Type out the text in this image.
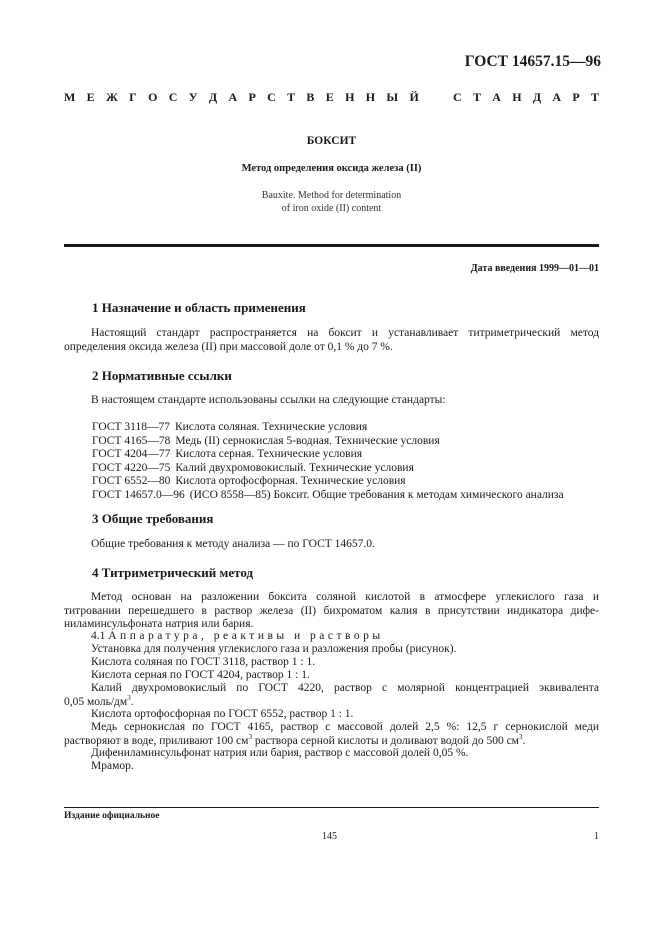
ГОСТ 14657.15—96
М Е Ж Г О С У Д А Р С Т В Е Н Н Ы Й	С Т А Н Д А Р Т
БОКСИТ
Метод определения оксида железа (II)
Bauxite. Method for determination
of iron oxide (II) content
Дата введения 1999—01—01
1 Назначение и область применения
Настоящий стандарт распространяется на боксит и устанавливает титриметрический метод
определения оксида железа (II) при массовой доле от 0,1 % до 7 %.
2 Нормативные ссылки
В настоящем стандарте использованы ссылки на следующие стандарты:
ГОСТ 3118—77 Кислота соляная. Технические условия
ГОСТ 4165—78 Медь (II) сернокислая 5-водная. Технические условия
ГОСТ 4204—77 Кислота серная. Технические условия
ГОСТ 4220—75 Калий двухромовокислый. Технические условия
ГОСТ 6552—80 Кислота ортофосфорная. Технические условия
ГОСТ 14657.0—96 (ИСО 8558—85) Боксит. Общие требования к методам химического анализа
3 Общие требования
Общие требования к методу анализа — по ГОСТ 14657.0.
4 Титриметрический метод
Метод основан на разложении боксита соляной кислотой в атмосфере углекислого газа и
титровании перешедшего в раствор железа (II) бихроматом калия в присутствии индикатора дифе-
ниламинсульфоната натрия или бария.
4.1 Аппаратура, реактивы и растворы
Установка для получения углекислого газа и разложения пробы (рисунок).
Кислота соляная по ГОСТ 3118, раствор 1 : 1.
Кислота серная по ГОСТ 4204, раствор 1 : 1.
Калий двухромовокислый по ГОСТ 4220, раствор с молярной концентрацией эквивалента
0,05 моль/$дм^3$.
Кислота ортофосфорная по ГОСТ 6552, раствор 1 : 1.
Медь сернокислая по ГОСТ 4165, раствор с массовой долей 2,5 %: 12,5 г сернокислой меди
растворяют в воде, приливают 100 $см^3$ раствора серной кислоты и доливают водой до 500 $см^3$.
Дифениламинсульфонат натрия или бария, раствор с массовой долей 0,05 %.
Мрамор.
Издание официальное
145	1
